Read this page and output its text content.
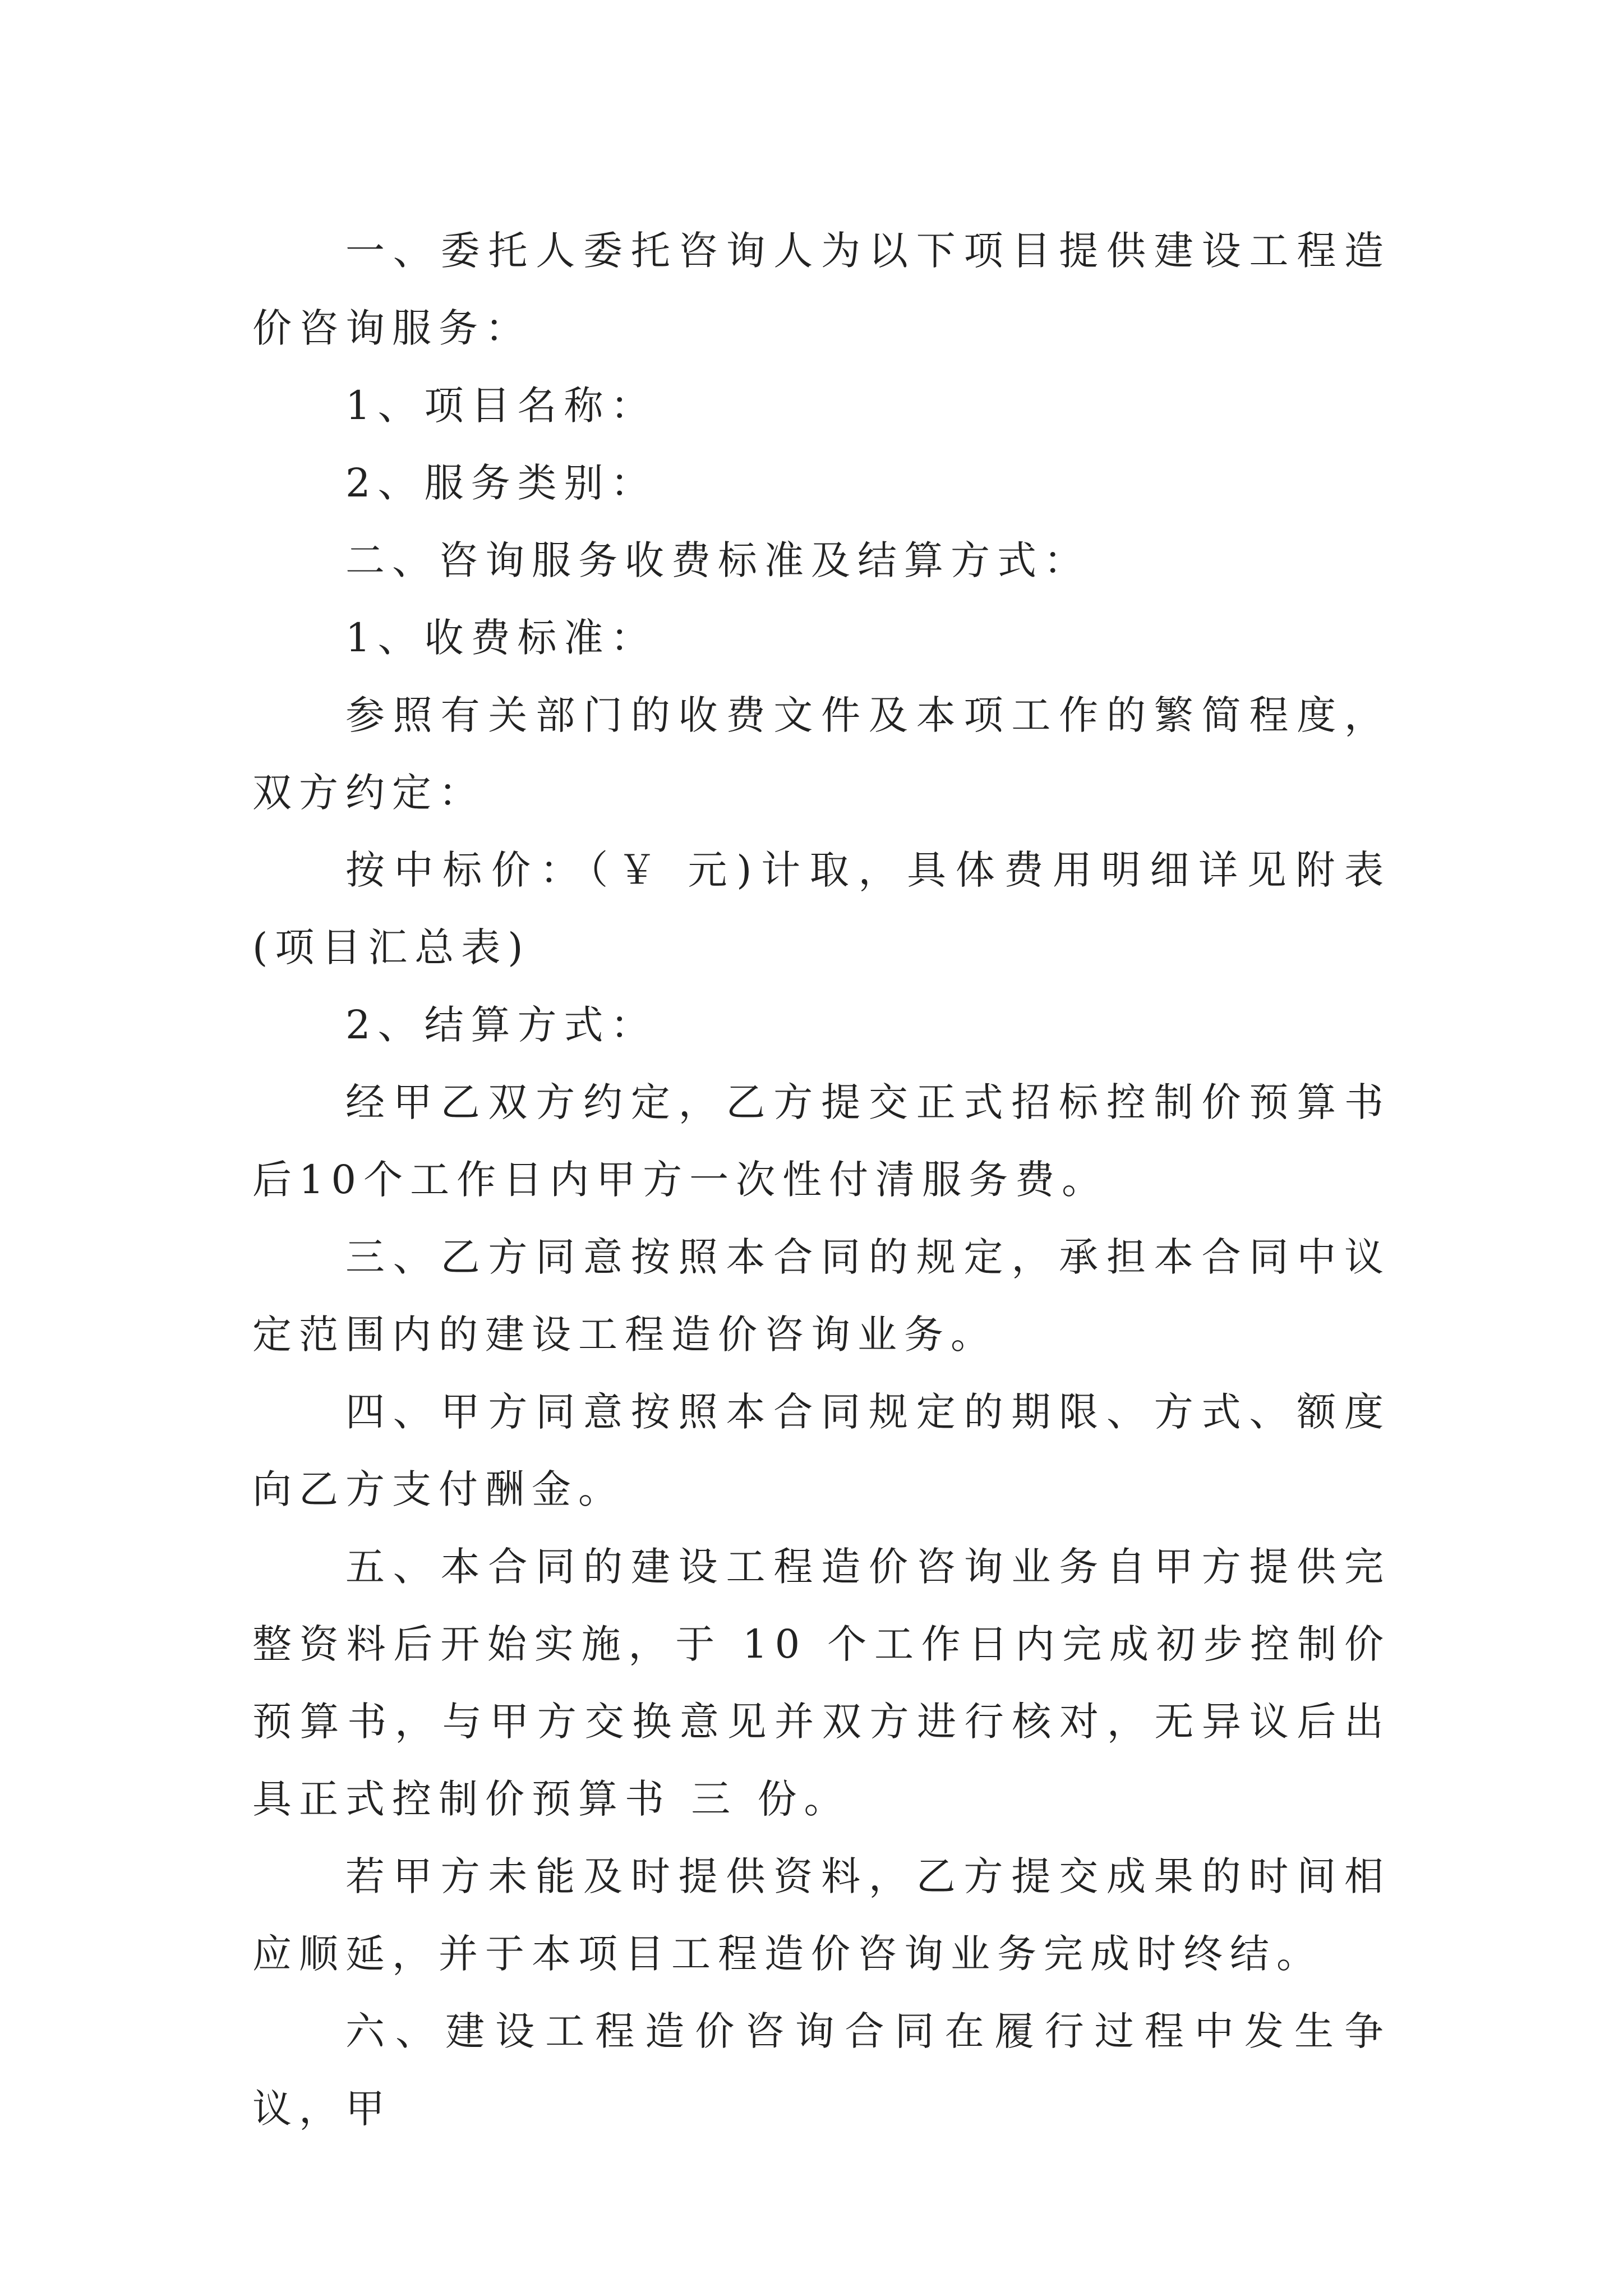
一、委托人委托咨询人为以下项目提供建设工程造价咨询服务：

1、项目名称：

2、服务类别：

二、咨询服务收费标准及结算方式：

1、收费标准：

参照有关部门的收费文件及本项工作的繁简程度，双方约定：

按中标价：（￥ 元)计取，具体费用明细详见附表(项目汇总表)

2、结算方式：

经甲乙双方约定，乙方提交正式招标控制价预算书后10个工作日内甲方一次性付清服务费。

三、乙方同意按照本合同的规定，承担本合同中议定范围内的建设工程造价咨询业务。

四、甲方同意按照本合同规定的期限、方式、额度向乙方支付酬金。

五、本合同的建设工程造价咨询业务自甲方提供完整资料后开始实施，于 10 个工作日内完成初步控制价预算书，与甲方交换意见并双方进行核对，无异议后出具正式控制价预算书 三 份。

若甲方未能及时提供资料，乙方提交成果的时间相应顺延，并于本项目工程造价咨询业务完成时终结。

六、建设工程造价咨询合同在履行过程中发生争议，甲
